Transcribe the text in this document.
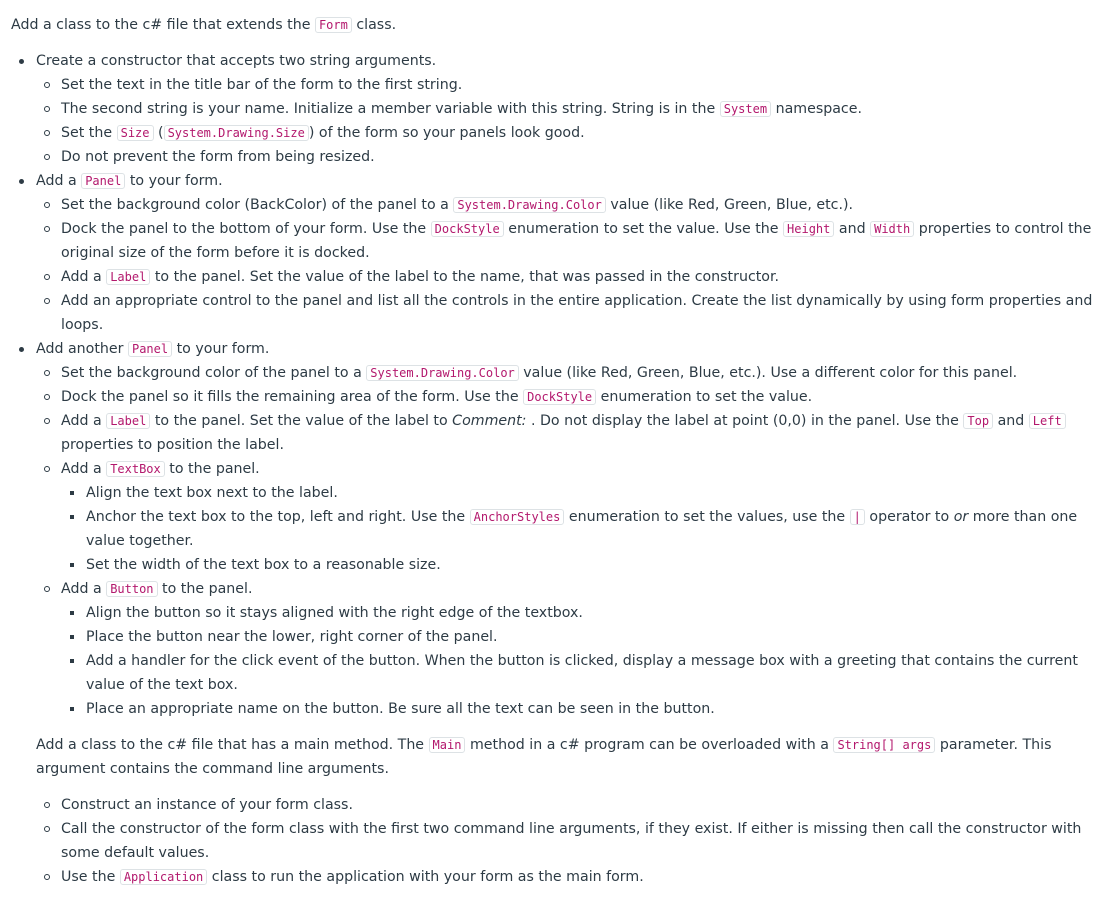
Add a class to the c# file that extends the Form class.

Create a constructor that accepts two string arguments.
Set the text in the title bar of the form to the first string.
The second string is your name. Initialize a member variable with this string. String is in the System namespace.
Set the Size ( System.Drawing.Size ) of the form so your panels look good.
Do not prevent the form from being resized.
Add a Panel to your form.
Set the background color (BackColor) of the panel to a System.Drawing.Color value (like Red, Green, Blue, etc.).
Dock the panel to the bottom of your form. Use the DockStyle enumeration to set the value. Use the Height and Width properties to control the original size of the form before it is docked.
Add a Label to the panel. Set the value of the label to the name, that was passed in the constructor.
Add an appropriate control to the panel and list all the controls in the entire application. Create the list dynamically by using form properties and loops.
Add another Panel to your form.
Set the background color of the panel to a System.Drawing.Color value (like Red, Green, Blue, etc.). Use a different color for this panel.
Dock the panel so it fills the remaining area of the form. Use the DockStyle enumeration to set the value.
Add a Label to the panel. Set the value of the label to Comment: . Do not display the label at point (0,0) in the panel. Use the Top and Left properties to position the label.
Add a TextBox to the panel.
Align the text box next to the label.
Anchor the text box to the top, left and right. Use the AnchorStyles enumeration to set the values, use the | operator to or more than one value together.
Set the width of the text box to a reasonable size.
Add a Button to the panel.
Align the button so it stays aligned with the right edge of the textbox.
Place the button near the lower, right corner of the panel.
Add a handler for the click event of the button. When the button is clicked, display a message box with a greeting that contains the current value of the text box.
Place an appropriate name on the button. Be sure all the text can be seen in the button.

Add a class to the c# file that has a main method. The Main method in a c# program can be overloaded with a String[] args parameter. This argument contains the command line arguments.

Construct an instance of your form class.
Call the constructor of the form class with the first two command line arguments, if they exist. If either is missing then call the constructor with some default values.
Use the Application class to run the application with your form as the main form.
